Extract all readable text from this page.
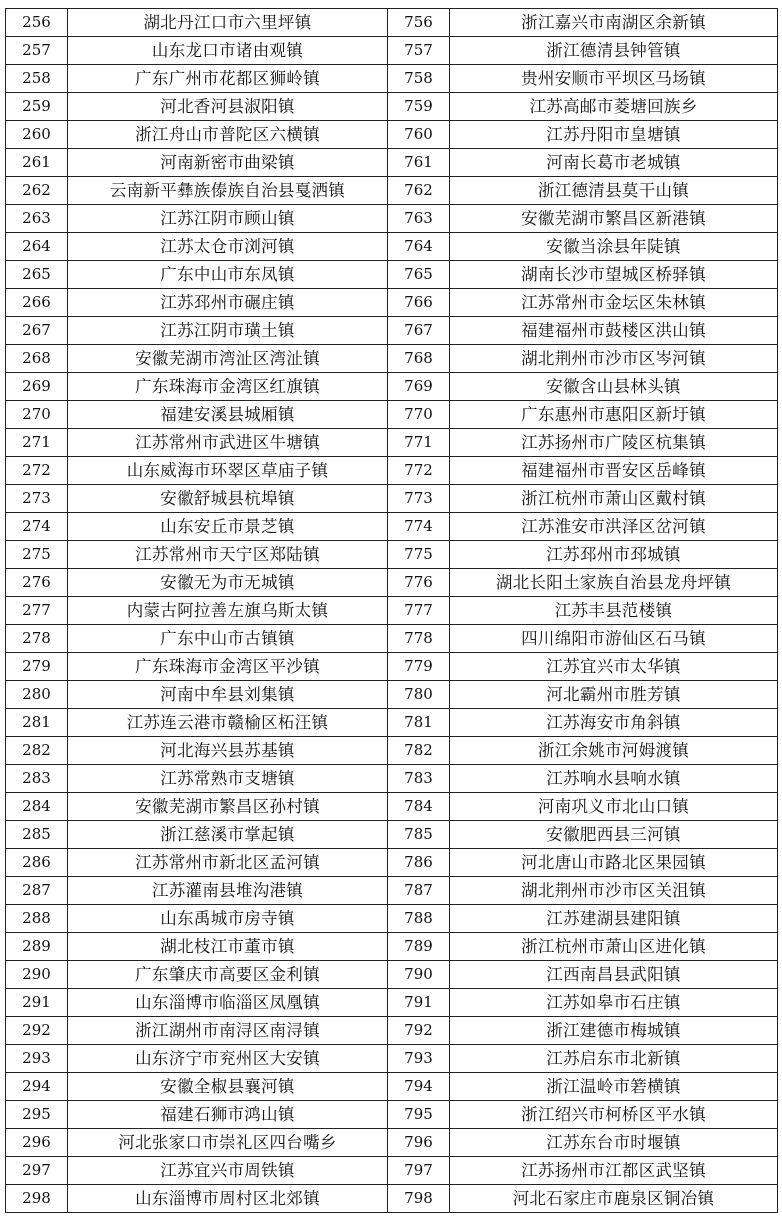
256	湖北丹江口市六里坪镇	756	浙江嘉兴市南湖区余新镇
257	山东龙口市诸由观镇	757	浙江德清县钟管镇
258	广东广州市花都区狮岭镇	758	贵州安顺市平坝区马场镇
259	河北香河县淑阳镇	759	江苏高邮市菱塘回族乡
260	浙江舟山市普陀区六横镇	760	江苏丹阳市皇塘镇
261	河南新密市曲梁镇	761	河南长葛市老城镇
262	云南新平彝族傣族自治县戛洒镇	762	浙江德清县莫干山镇
263	江苏江阴市顾山镇	763	安徽芜湖市繁昌区新港镇
264	江苏太仓市浏河镇	764	安徽当涂县年陡镇
265	广东中山市东凤镇	765	湖南长沙市望城区桥驿镇
266	江苏邳州市碾庄镇	766	江苏常州市金坛区朱林镇
267	江苏江阴市璜土镇	767	福建福州市鼓楼区洪山镇
268	安徽芜湖市湾沚区湾沚镇	768	湖北荆州市沙市区岑河镇
269	广东珠海市金湾区红旗镇	769	安徽含山县林头镇
270	福建安溪县城厢镇	770	广东惠州市惠阳区新圩镇
271	江苏常州市武进区牛塘镇	771	江苏扬州市广陵区杭集镇
272	山东威海市环翠区草庙子镇	772	福建福州市晋安区岳峰镇
273	安徽舒城县杭埠镇	773	浙江杭州市萧山区戴村镇
274	山东安丘市景芝镇	774	江苏淮安市洪泽区岔河镇
275	江苏常州市天宁区郑陆镇	775	江苏邳州市邳城镇
276	安徽无为市无城镇	776	湖北长阳土家族自治县龙舟坪镇
277	内蒙古阿拉善左旗乌斯太镇	777	江苏丰县范楼镇
278	广东中山市古镇镇	778	四川绵阳市游仙区石马镇
279	广东珠海市金湾区平沙镇	779	江苏宜兴市太华镇
280	河南中牟县刘集镇	780	河北霸州市胜芳镇
281	江苏连云港市赣榆区柘汪镇	781	江苏海安市角斜镇
282	河北海兴县苏基镇	782	浙江余姚市河姆渡镇
283	江苏常熟市支塘镇	783	江苏响水县响水镇
284	安徽芜湖市繁昌区孙村镇	784	河南巩义市北山口镇
285	浙江慈溪市掌起镇	785	安徽肥西县三河镇
286	江苏常州市新北区孟河镇	786	河北唐山市路北区果园镇
287	江苏灌南县堆沟港镇	787	湖北荆州市沙市区关沮镇
288	山东禹城市房寺镇	788	江苏建湖县建阳镇
289	湖北枝江市董市镇	789	浙江杭州市萧山区进化镇
290	广东肇庆市高要区金利镇	790	江西南昌县武阳镇
291	山东淄博市临淄区凤凰镇	791	江苏如皋市石庄镇
292	浙江湖州市南浔区南浔镇	792	浙江建德市梅城镇
293	山东济宁市兖州区大安镇	793	江苏启东市北新镇
294	安徽全椒县襄河镇	794	浙江温岭市箬横镇
295	福建石狮市鸿山镇	795	浙江绍兴市柯桥区平水镇
296	河北张家口市崇礼区四台嘴乡	796	江苏东台市时堰镇
297	江苏宜兴市周铁镇	797	江苏扬州市江都区武坚镇
298	山东淄博市周村区北郊镇	798	河北石家庄市鹿泉区铜冶镇
